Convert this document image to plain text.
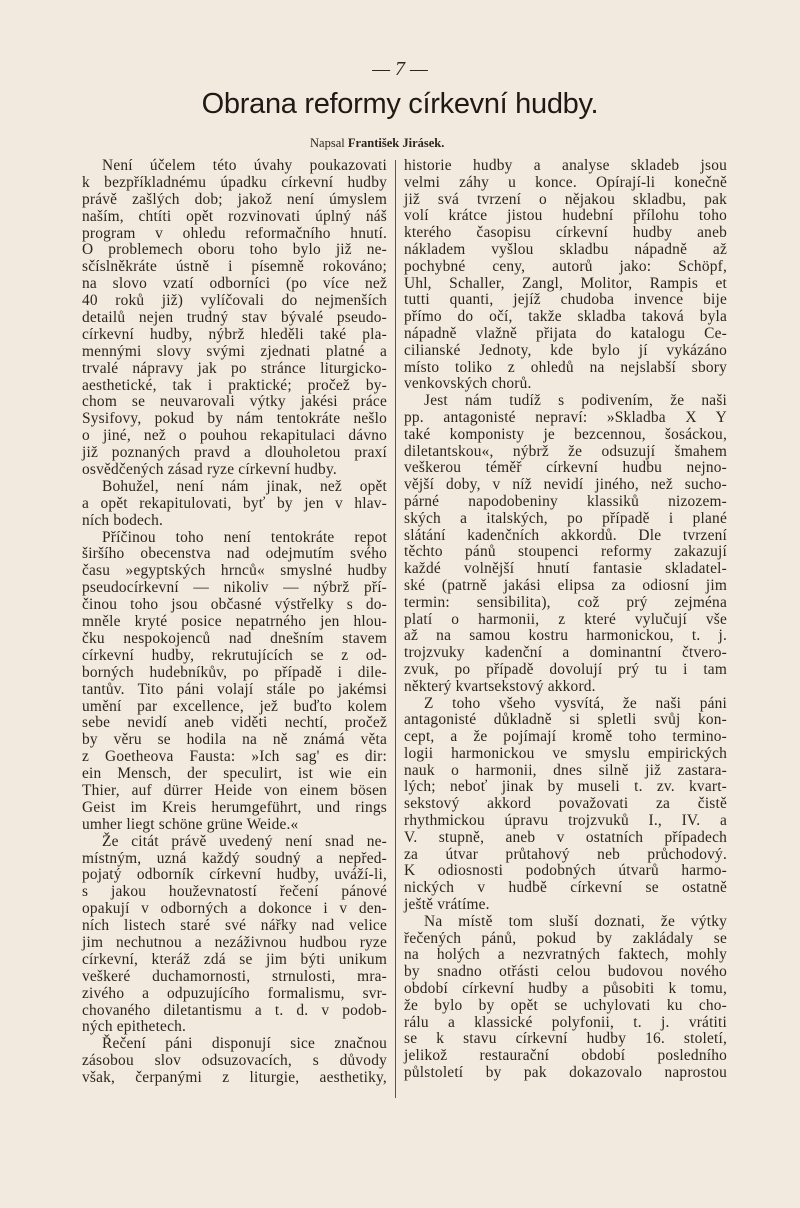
— 7 —
Obrana reformy církevní hudby.
Napsal František Jirásek.
Není účelem této úvahy poukazovati
k bezpříkladnému úpadku církevní hudby
právě zašlých dob; jakož není úmyslem
naším, chtíti opět rozvinovati úplný náš
program v ohledu reformačního hnutí.
O problemech oboru toho bylo již ne-
sčíslněkráte ústně i písemně rokováno;
na slovo vzatí odborníci (po více než
40 roků již) vylíčovali do nejmenších
detailů nejen trudný stav bývalé pseudo-
církevní hudby, nýbrž hleděli také pla-
mennými slovy svými zjednati platné a
trvalé nápravy jak po stránce liturgicko-
aesthetické, tak i praktické; pročež by-
chom se neuvarovali výtky jakési práce
Sysifovy, pokud by nám tentokráte nešlo
o jiné, než o pouhou rekapitulaci dávno
již poznaných pravd a dlouholetou praxí
osvědčených zásad ryze církevní hudby.
Bohužel, není nám jinak, než opět
a opět rekapitulovati, byť by jen v hlav-
ních bodech.
Příčinou toho není tentokráte repot
širšího obecenstva nad odejmutím svého
času »egyptských hrnců« smyslné hudby
pseudocírkevní — nikoliv — nýbrž pří-
činou toho jsou občasné výstřelky s do-
mněle kryté posice nepatrného jen hlou-
čku nespokojenců nad dnešním stavem
církevní hudby, rekrutujících se z od-
borných hudebníkův, po případě i dile-
tantův. Tito páni volají stále po jakémsi
umění par excellence, jež buďto kolem
sebe nevidí aneb viděti nechtí, pročež
by věru se hodila na ně známá věta
z Goetheova Fausta: »Ich sag' es dir:
ein Mensch, der speculirt, ist wie ein
Thier, auf dürrer Heide von einem bösen
Geist im Kreis herumgeführt, und rings
umher liegt schöne grüne Weide.«
Že citát právě uvedený není snad ne-
místným, uzná každý soudný a nepřed-
pojatý odborník církevní hudby, uváží-li,
s jakou houževnatostí řečení pánové
opakují v odborných a dokonce i v den-
ních listech staré své nářky nad velice
jim nechutnou a nezáživnou hudbou ryze
církevní, kteráž zdá se jim býti unikum
veškeré duchamornosti, strnulosti, mra-
zivého a odpuzujícího formalismu, svr-
chovaného diletantismu a t. d. v podob-
ných epithetech.
Řečení páni disponují sice značnou
zásobou slov odsuzovacích, s důvody
však, čerpanými z liturgie, aesthetiky,
historie hudby a analyse skladeb jsou
velmi záhy u konce. Opírají-li konečně
již svá tvrzení o nějakou skladbu, pak
volí krátce jistou hudební přílohu toho
kterého časopisu církevní hudby aneb
nákladem vyšlou skladbu nápadně až
pochybné ceny, autorů jako: Schöpf,
Uhl, Schaller, Zangl, Molitor, Rampis et
tutti quanti, jejíž chudoba invence bije
přímo do očí, takže skladba taková byla
nápadně vlažně přijata do katalogu Ce-
cilianské Jednoty, kde bylo jí vykázáno
místo toliko z ohledů na nejslabší sbory
venkovských chorů.
Jest nám tudíž s podivením, že naši
pp. antagonisté nepraví: »Skladba X Y
také komponisty je bezcennou, šosáckou,
diletantskou«, nýbrž že odsuzují šmahem
veškerou téměř církevní hudbu nejno-
vější doby, v níž nevidí jiného, než sucho-
párné napodobeniny klassiků nizozem-
ských a italských, po případě i plané
slátání kadenčních akkordů. Dle tvrzení
těchto pánů stoupenci reformy zakazují
každé volnější hnutí fantasie skladatel-
ské (patrně jakási elipsa za odiosní jim
termin: sensibilita), což prý zejména
platí o harmonii, z které vylučují vše
až na samou kostru harmonickou, t. j.
trojzvuky kadenční a dominantní čtvero-
zvuk, po případě dovolují prý tu i tam
některý kvartsekstový akkord.
Z toho všeho vysvítá, že naši páni
antagonisté důkladně si spletli svůj kon-
cept, a že pojímají kromě toho termino-
logii harmonickou ve smyslu empirických
nauk o harmonii, dnes silně již zastara-
lých; neboť jinak by museli t. zv. kvart-
sekstový akkord považovati za čistě
rhythmickou úpravu trojzvuků I., IV. a
V. stupně, aneb v ostatních případech
za útvar průtahový neb průchodový.
K odiosnosti podobných útvarů harmo-
nických v hudbě církevní se ostatně
ještě vrátíme.
Na místě tom sluší doznati, že výtky
řečených pánů, pokud by zakládaly se
na holých a nezvratných faktech, mohly
by snadno otřásti celou budovou nového
období církevní hudby a působiti k tomu,
že bylo by opět se uchylovati ku cho-
rálu a klassické polyfonii, t. j. vrátiti
se k stavu církevní hudby 16. století,
jelikož restaurační období posledního
půlstoletí by pak dokazovalo naprostou
